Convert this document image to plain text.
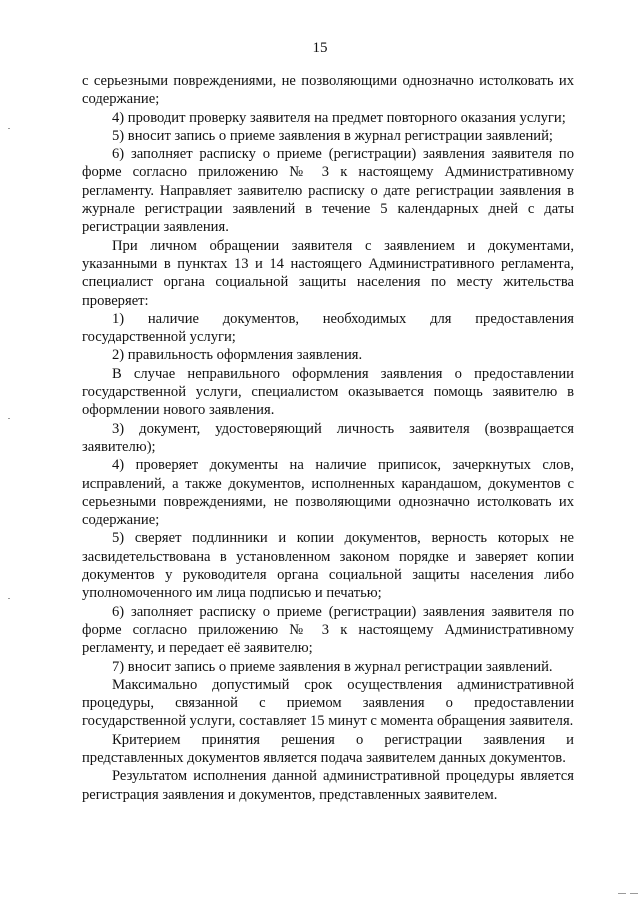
15

с серьезными повреждениями, не позволяющими однозначно истолковать их содержание;

4) проводит проверку заявителя на предмет повторного оказания услуги;

5) вносит запись о приеме заявления в журнал регистрации заявлений;

6) заполняет расписку о приеме (регистрации) заявления заявителя по форме согласно приложению № 3 к настоящему Административному регламенту. Направляет заявителю расписку о дате регистрации заявления в журнале регистрации заявлений в течение 5 календарных дней с даты регистрации заявления.

При личном обращении заявителя с заявлением и документами, указанными в пунктах 13 и 14 настоящего Административного регламента, специалист органа социальной защиты населения по месту жительства проверяет:

1) наличие документов, необходимых для предоставления государственной услуги;

2) правильность оформления заявления.

В случае неправильного оформления заявления о предоставлении государственной услуги, специалистом оказывается помощь заявителю в оформлении нового заявления.

3) документ, удостоверяющий личность заявителя (возвращается заявителю);

4) проверяет документы на наличие приписок, зачеркнутых слов, исправлений, а также документов, исполненных карандашом, документов с серьезными повреждениями, не позволяющими однозначно истолковать их содержание;

5) сверяет подлинники и копии документов, верность которых не засвидетельствована в установленном законом порядке и заверяет копии документов у руководителя органа социальной защиты населения либо уполномоченного им лица подписью и печатью;

6) заполняет расписку о приеме (регистрации) заявления заявителя по форме согласно приложению № 3 к настоящему Административному регламенту, и передает её заявителю;

7) вносит запись о приеме заявления в журнал регистрации заявлений.

Максимально допустимый срок осуществления административной процедуры, связанной с приемом заявления о предоставлении государственной услуги, составляет 15 минут с момента обращения заявителя.

Критерием принятия решения о регистрации заявления и представленных документов является подача заявителем данных документов.

Результатом исполнения данной административной процедуры является регистрация заявления и документов, представленных заявителем.
